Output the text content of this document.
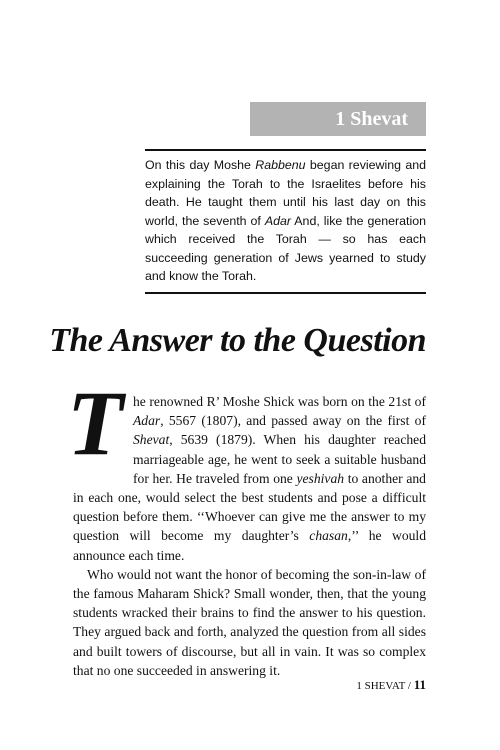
1 Shevat

On this day Moshe Rabbenu began reviewing and explaining the Torah to the Israelites before his death. He taught them until his last day on this world, the seventh of Adar And, like the generation which received the Torah — so has each succeeding generation of Jews yearned to study and know the Torah.

The Answer to the Question

The renowned R’ Moshe Shick was born on the 21st of Adar, 5567 (1807), and passed away on the first of Shevat, 5639 (1879). When his daughter reached marriageable age, he went to seek a suitable husband for her. He traveled from one yeshivah to another and in each one, would select the best students and pose a difficult question before them. ‘‘Whoever can give me the answer to my question will become my daughter’s chasan,’’ he would announce each time.

Who would not want the honor of becoming the son-in-law of the famous Maharam Shick? Small wonder, then, that the young students wracked their brains to find the answer to his question. They argued back and forth, analyzed the question from all sides and built towers of discourse, but all in vain. It was so complex that no one succeeded in answering it.

1 SHEVAT / 11
